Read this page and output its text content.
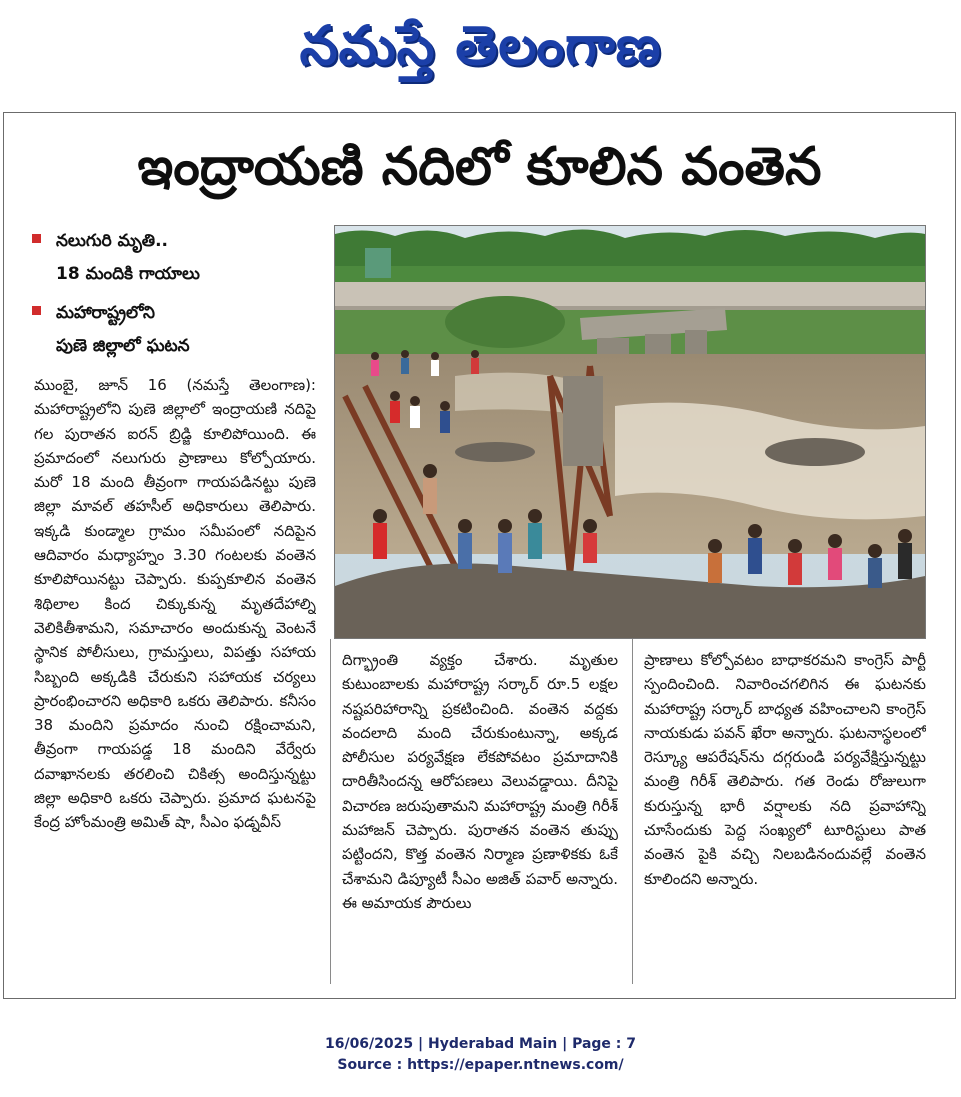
నమస్తే తెలంగాణ
ఇంద్రాయణి నదిలో కూలిన వంతెన
నలుగురి మృతి..
18 మందికి గాయాలు
మహారాష్ట్రలోని
పుణె జిల్లాలో ఘటన

ముంబై, జూన్ 16 (నమస్తే తెలంగాణ): మహారాష్ట్రలోని పుణె జిల్లాలో ఇంద్రాయణి నదిపై గల పురాతన ఐరన్ బ్రిడ్జి కూలిపోయింది. ఈ ప్రమాదంలో నలుగురు ప్రాణాలు కోల్పోయారు. మరో 18 మంది తీవ్రంగా గాయపడినట్టు పుణె జిల్లా మావల్ తహసీల్ అధికారులు తెలిపారు. ఇక్కడి కుండ్మాల గ్రామం సమీపంలో నదిపైన ఆదివారం మధ్యాహ్నం 3.30 గంటలకు వంతెన కూలిపోయినట్టు చెప్పారు. కుప్పకూలిన వంతెన శిథిలాల కింద చిక్కుకున్న మృతదేహాల్ని వెలికితీశామని, సమాచారం అందుకున్న వెంటనే స్థానిక పోలీసులు, గ్రామస్తులు, విపత్తు సహాయ సిబ్బంది అక్కడికి చేరుకుని సహాయక చర్యలు ప్రారంభించారని అధికారి ఒకరు తెలిపారు. కనీసం 38 మందిని ప్రమాదం నుంచి రక్షించామని, తీవ్రంగా గాయపడ్డ 18 మందిని వేర్వేరు దవాఖానలకు తరలించి చికిత్స అందిస్తున్నట్టు జిల్లా అధికారి ఒకరు చెప్పారు. ప్రమాద ఘటనపై కేంద్ర హోంమంత్రి అమిత్ షా, సీఎం ఫడ్నవీస్

దిగ్భ్రాంతి వ్యక్తం చేశారు. మృతుల కుటుంబాలకు మహారాష్ట్ర సర్కార్ రూ.5 లక్షల నష్టపరిహారాన్ని ప్రకటించింది. వంతెన వద్దకు వందలాది మంది చేరుకుంటున్నా, అక్కడ పోలీసుల పర్యవేక్షణ లేకపోవటం ప్రమాదానికి దారితీసిందన్న ఆరోపణలు వెలువడ్డాయి. దీనిపై విచారణ జరుపుతామని మహారాష్ట్ర మంత్రి గిరీశ్ మహాజన్ చెప్పారు. పురాతన వంతెన తుప్పు పట్టిందని, కొత్త వంతెన నిర్మాణ ప్రణాళికకు ఓకే చేశామని డిప్యూటీ సీఎం అజిత్ పవార్ అన్నారు. ఈ అమాయక పౌరులు

ప్రాణాలు కోల్పోవటం బాధాకరమని కాంగ్రెస్ పార్టీ స్పందించింది. నివారించగలిగిన ఈ ఘటనకు మహారాష్ట్ర సర్కార్ బాధ్యత వహించాలని కాంగ్రెస్ నాయకుడు పవన్ ఖేరా అన్నారు. ఘటనాస్థలంలో రెస్క్యూ ఆపరేషన్‌ను దగ్గరుండి పర్యవేక్షిస్తున్నట్టు మంత్రి గిరీశ్ తెలిపారు. గత రెండు రోజులుగా కురుస్తున్న భారీ వర్షాలకు నది ప్రవాహాన్ని చూసేందుకు పెద్ద సంఖ్యలో టూరిస్టులు పాత వంతెన పైకి వచ్చి నిలబడినందువల్లే వంతెన కూలిందని అన్నారు.

16/06/2025 | Hyderabad Main | Page : 7
Source : https://epaper.ntnews.com/
